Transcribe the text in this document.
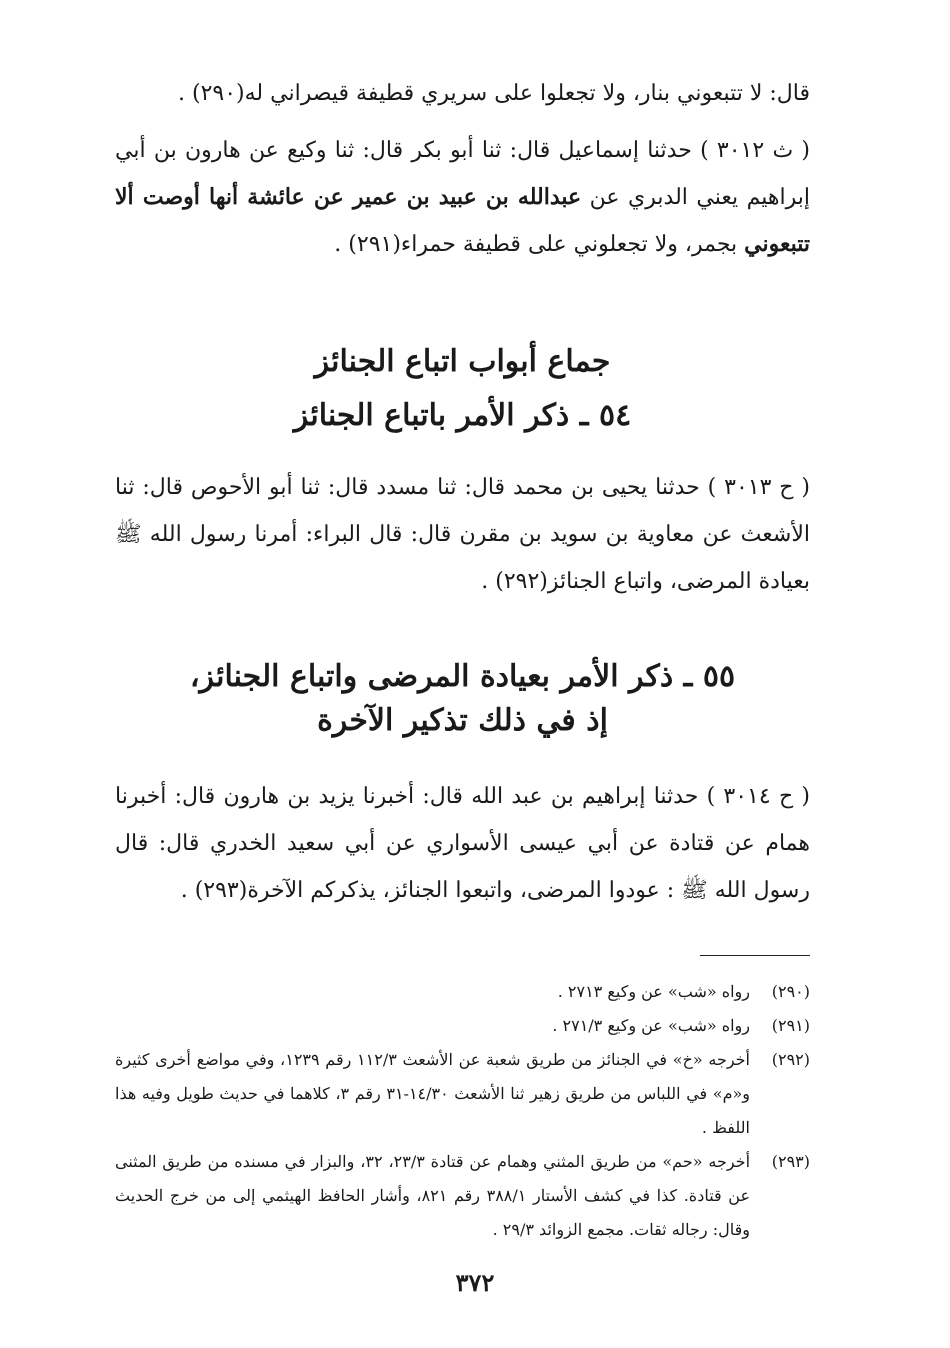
قال: لا تتبعوني بنار، ولا تجعلوا على سريري قطيفة قيصراني له(٢٩٠) .

( ث ٣٠١٢ ) حدثنا إسماعيل قال: ثنا أبو بكر قال: ثنا وكيع عن هارون بن أبي إبراهيم يعني الدبري عن عبدالله بن عبيد بن عمير عن عائشة أنها أوصت ألا تتبعوني بجمر، ولا تجعلوني على قطيفة حمراء(٢٩١) .

جماع أبواب اتباع الجنائز
٥٤ ـ ذكر الأمر باتباع الجنائز

( ح ٣٠١٣ ) حدثنا يحيى بن محمد قال: ثنا مسدد قال: ثنا أبو الأحوص قال: ثنا الأشعث عن معاوية بن سويد بن مقرن قال: قال البراء: أمرنا رسول الله ﷺ بعيادة المرضى، واتباع الجنائز(٢٩٢) .

٥٥ ـ ذكر الأمر بعيادة المرضى واتباع الجنائز،
إذ في ذلك تذكير الآخرة

( ح ٣٠١٤ ) حدثنا إبراهيم بن عبد الله قال: أخبرنا يزيد بن هارون قال: أخبرنا همام عن قتادة عن أبي عيسى الأسواري عن أبي سعيد الخدري قال: قال رسول الله ﷺ : عودوا المرضى، واتبعوا الجنائز، يذكركم الآخرة(٢٩٣) .

(٢٩٠)
رواه «شب» عن وكيع ٢٧١٣ .
(٢٩١)
رواه «شب» عن وكيع ٢٧١/٣ .
(٢٩٢)
أخرجه «خ» في الجنائز من طريق شعبة عن الأشعث ١١٢/٣ رقم ١٢٣٩، وفي مواضع أخرى كثيرة و«م» في اللباس من طريق زهير ثنا الأشعث ١٤/٣٠-٣١ رقم ٣، كلاهما في حديث طويل وفيه هذا اللفظ .
(٢٩٣)
أخرجه «حم» من طريق المثني وهمام عن قتادة ٢٣/٣، ٣٢، والبزار في مسنده من طريق المثنى عن قتادة. كذا في كشف الأستار ٣٨٨/١ رقم ٨٢١، وأشار الحافظ الهيثمي إلى من خرج الحديث وقال: رجاله ثقات. مجمع الزوائد ٢٩/٣ .
٣٧٢
